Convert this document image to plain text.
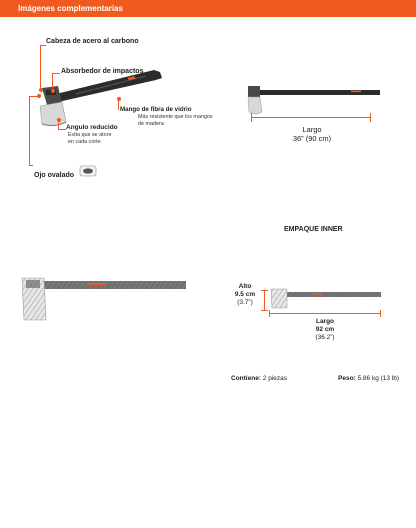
Imágenes complementarias
Cabeza de acero al carbono
Absorbedor de impactos
Mango de fibra de vidrio
Más resistente que los mangos de madera
Angulo reducido
Evita que se atore en cada corte
Ojo ovalado
Largo
36” (90 cm)
EMPAQUE INNER
Alto
9.5 cm
(3.7”)
Largo
92 cm
(36.2”)
Contiene: 2 piezas	Peso: 5.86 kg (13 lb)
